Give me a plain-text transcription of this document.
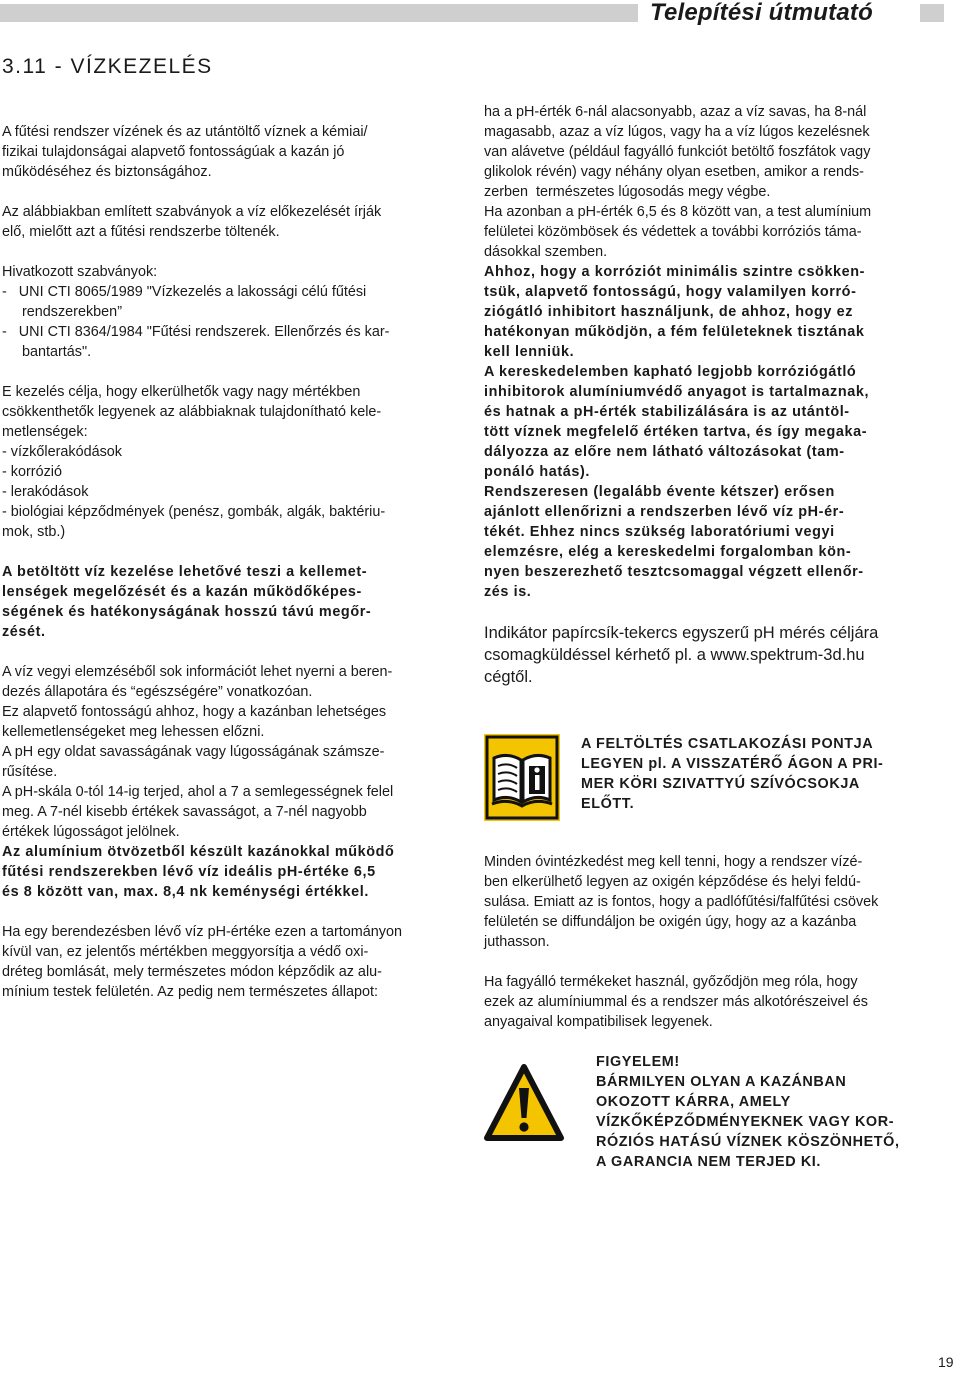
Telepítési útmutató
3.11 - VÍZKEZELÉS

A fűtési rendszer vízének és az utántöltő víznek a kémiai/
fizikai tulajdonságai alapvető fontosságúak a kazán jó
működéséhez és biztonságához.

Az alábbiakban említett szabványok a víz előkezelését írják
elő, mielőtt azt a fűtési rendszerbe töltenék.

Hivatkozott szabványok:
-   UNI CTI 8065/1989 "Vízkezelés a lakossági célú fűtési
rendszerekben”
-   UNI CTI 8364/1984 "Fűtési rendszerek. Ellenőrzés és kar-
bantartás".

E kezelés célja, hogy elkerülhetők vagy nagy mértékben
csökkenthetők legyenek az alábbiaknak tulajdonítható kele-
metlenségek:
- vízkőlerakódások
- korrózió
- lerakódások
- biológiai képződmények (penész, gombák, algák, baktériu-
mok, stb.)

A betöltött víz kezelése lehetővé teszi a kellemet-
lenségek megelőzését és a kazán működőképes-
ségének és hatékonyságának hosszú távú megőr-
zését.

A víz vegyi elemzéséből sok információt lehet nyerni a beren-
dezés állapotára és “egészségére” vonatkozóan.
Ez alapvető fontosságú ahhoz, hogy a kazánban lehetséges
kellemetlenségeket meg lehessen előzni.
A pH egy oldat savasságának vagy lúgosságának számsze-
rűsítése.
A pH-skála 0-tól 14-ig terjed, ahol a 7 a semlegességnek felel
meg. A 7-nél kisebb értékek savasságot, a 7-nél nagyobb
értékek lúgosságot jelölnek.

Az alumínium ötvözetből készült kazánokkal működő
fűtési rendszerekben lévő víz ideális pH-értéke 6,5
és 8 között van, max. 8,4 nk keménységi értékkel.

Ha egy berendezésben lévő víz pH-értéke ezen a tartományon
kívül van, ez jelentős mértékben meggyorsítja a védő oxi-
dréteg bomlását, mely természetes módon képződik az alu-
mínium testek felületén. Az pedig nem természetes állapot:

ha a pH-érték 6-nál alacsonyabb, azaz a víz savas, ha 8-nál
magasabb, azaz a víz lúgos, vagy ha a víz lúgos kezelésnek
van alávetve (például fagyálló funkciót betöltő foszfátok vagy
glikolok révén) vagy néhány olyan esetben, amikor a rends-
zerben  természetes lúgosodás megy végbe.
Ha azonban a pH-érték 6,5 és 8 között van, a test alumínium
felületei közömbösek és védettek a további korróziós táma-
dásokkal szemben.

Ahhoz, hogy a korróziót minimális szintre csökken-
tsük, alapvető fontosságú, hogy valamilyen korró-
ziógátló inhibitort használjunk, de ahhoz, hogy ez
hatékonyan működjön, a fém felületeknek tisztának
kell lenniük.
A kereskedelemben kapható legjobb korróziógátló
inhibitorok alumíniumvédő anyagot is tartalmaznak,
és hatnak a pH-érték stabilizálására is az utántöl-
tött víznek megfelelő értéken tartva, és így megaka-
dályozza az előre nem látható változásokat (tam-
ponáló hatás).
Rendszeresen (legalább évente kétszer) erősen
ajánlott ellenőrizni a rendszerben lévő víz pH-ér-
tékét. Ehhez nincs szükség laboratóriumi vegyi
elemzésre, elég a kereskedelmi forgalomban kön-
nyen beszerezhető tesztcsomaggal végzett ellenőr-
zés is.

Indikátor papírcsík-tekercs egyszerű pH mérés céljára
csomagküldéssel kérhető pl. a www.spektrum-3d.hu
cégtől.

A FELTÖLTÉS CSATLAKOZÁSI PONTJA
LEGYEN pl. A VISSZATÉRŐ ÁGON A PRI-
MER KÖRI SZIVATTYÚ SZÍVÓCSOKJA
ELŐTT.

Minden óvintézkedést meg kell tenni, hogy a rendszer vízé-
ben elkerülhető legyen az oxigén képződése és helyi feldú-
sulása. Emiatt az is fontos, hogy a padlófűtési/falfűtési csövek
felületén se diffundáljon be oxigén úgy, hogy az a kazánba
juthasson.

Ha fagyálló termékeket használ, győződjön meg róla, hogy
ezek az alumíniummal és a rendszer más alkotórészeivel és
anyagaival kompatibilisek legyenek.

FIGYELEM!
BÁRMILYEN OLYAN A KAZÁNBAN
OKOZOTT KÁRRA, AMELY
VÍZKŐKÉPZŐDMÉNYEKNEK VAGY KOR-
RÓZIÓS HATÁSÚ VÍZNEK KÖSZÖNHETŐ,
A GARANCIA NEM TERJED KI.
19
